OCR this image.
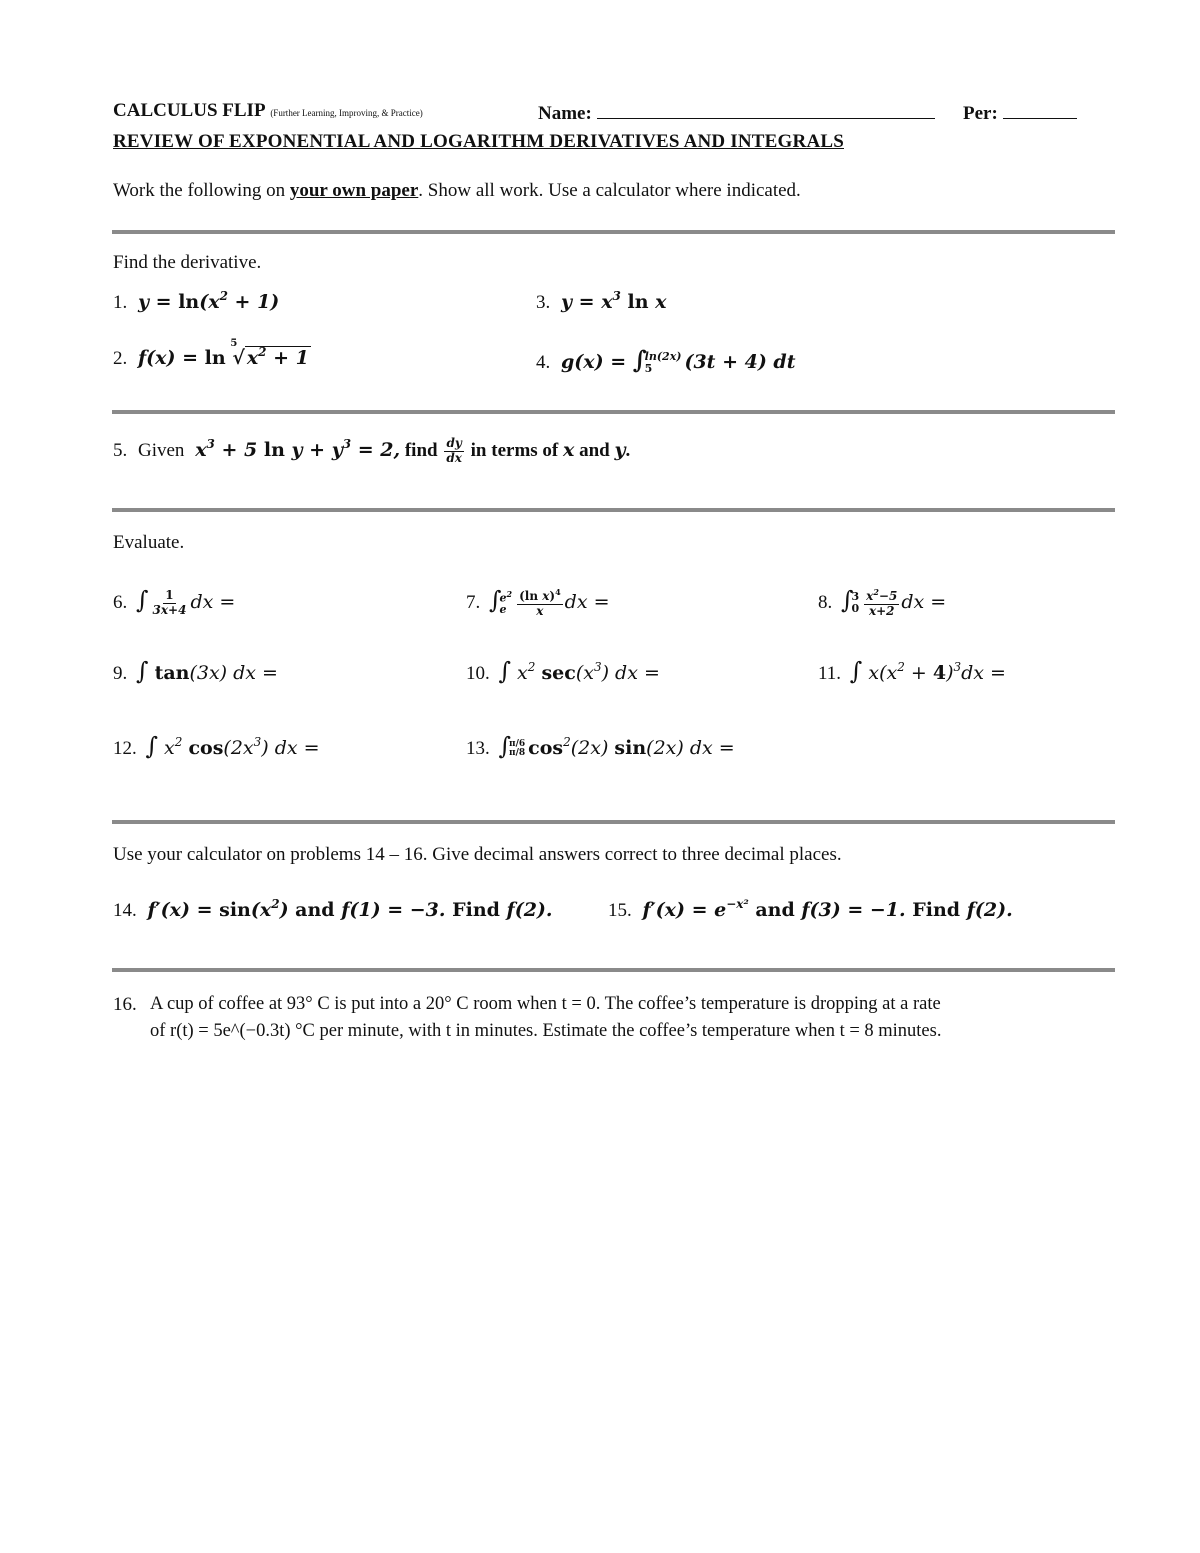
CALCULUS FLIP (Further Learning, Improving, & Practice)	Name:	Per:
REVIEW OF EXPONENTIAL AND LOGARITHM DERIVATIVES AND INTEGRALS
Work the following on your own paper. Show all work. Use a calculator where indicated.
Find the derivative.
1. $y = \ln(x^2 + 1)$	3. $y = x^3$ ln x
2. f(x) = ln
5
√ $x^2 + 1$	4. g(x) = ∫
ln(2x)
5	(3t + 4) dt
5. Given $x^3 + 5$ $\ln y + y^3 = 2$, find $\frac{dy}{dx}$ in terms of x and y.
Evaluate.
6. ∫ $\frac{1}{3x+4}$ dx =	7. ∫
$e^2$
e $\frac{(\ln x)^4}{x}$ dx =	8. ∫
3
$0 \frac{x^2-5}{x+2}$ dx =
9. ∫ tan(3x) dx =	10. ∫ $x^2$ $\sec(x^3)$ dx =	11. ∫ $x(x^2 + 4)^3dx$ =
12. ∫ $x^2$ $\cos(2x^3)$ dx =	13. ∫
π/6
π/8 $\cos^2(2x)$ sin(2x) dx =
Use your calculator on problems 14 – 16. Give decimal answers correct to three decimal places.
14. $f'(x) = \sin(x^2)$ and f(1) = −3. Find f(2).	15. $f'(x) = e^{-x^2}$ and f(3) = −1. Find f(2).
16. A cup of coffee at 93° C is put into a 20° C room when t = 0. The coffee’s temperature is dropping at a rate
of r(t) = 5e^(−0.3t) °C per minute, with t in minutes. Estimate the coffee’s temperature when t = 8 minutes.
